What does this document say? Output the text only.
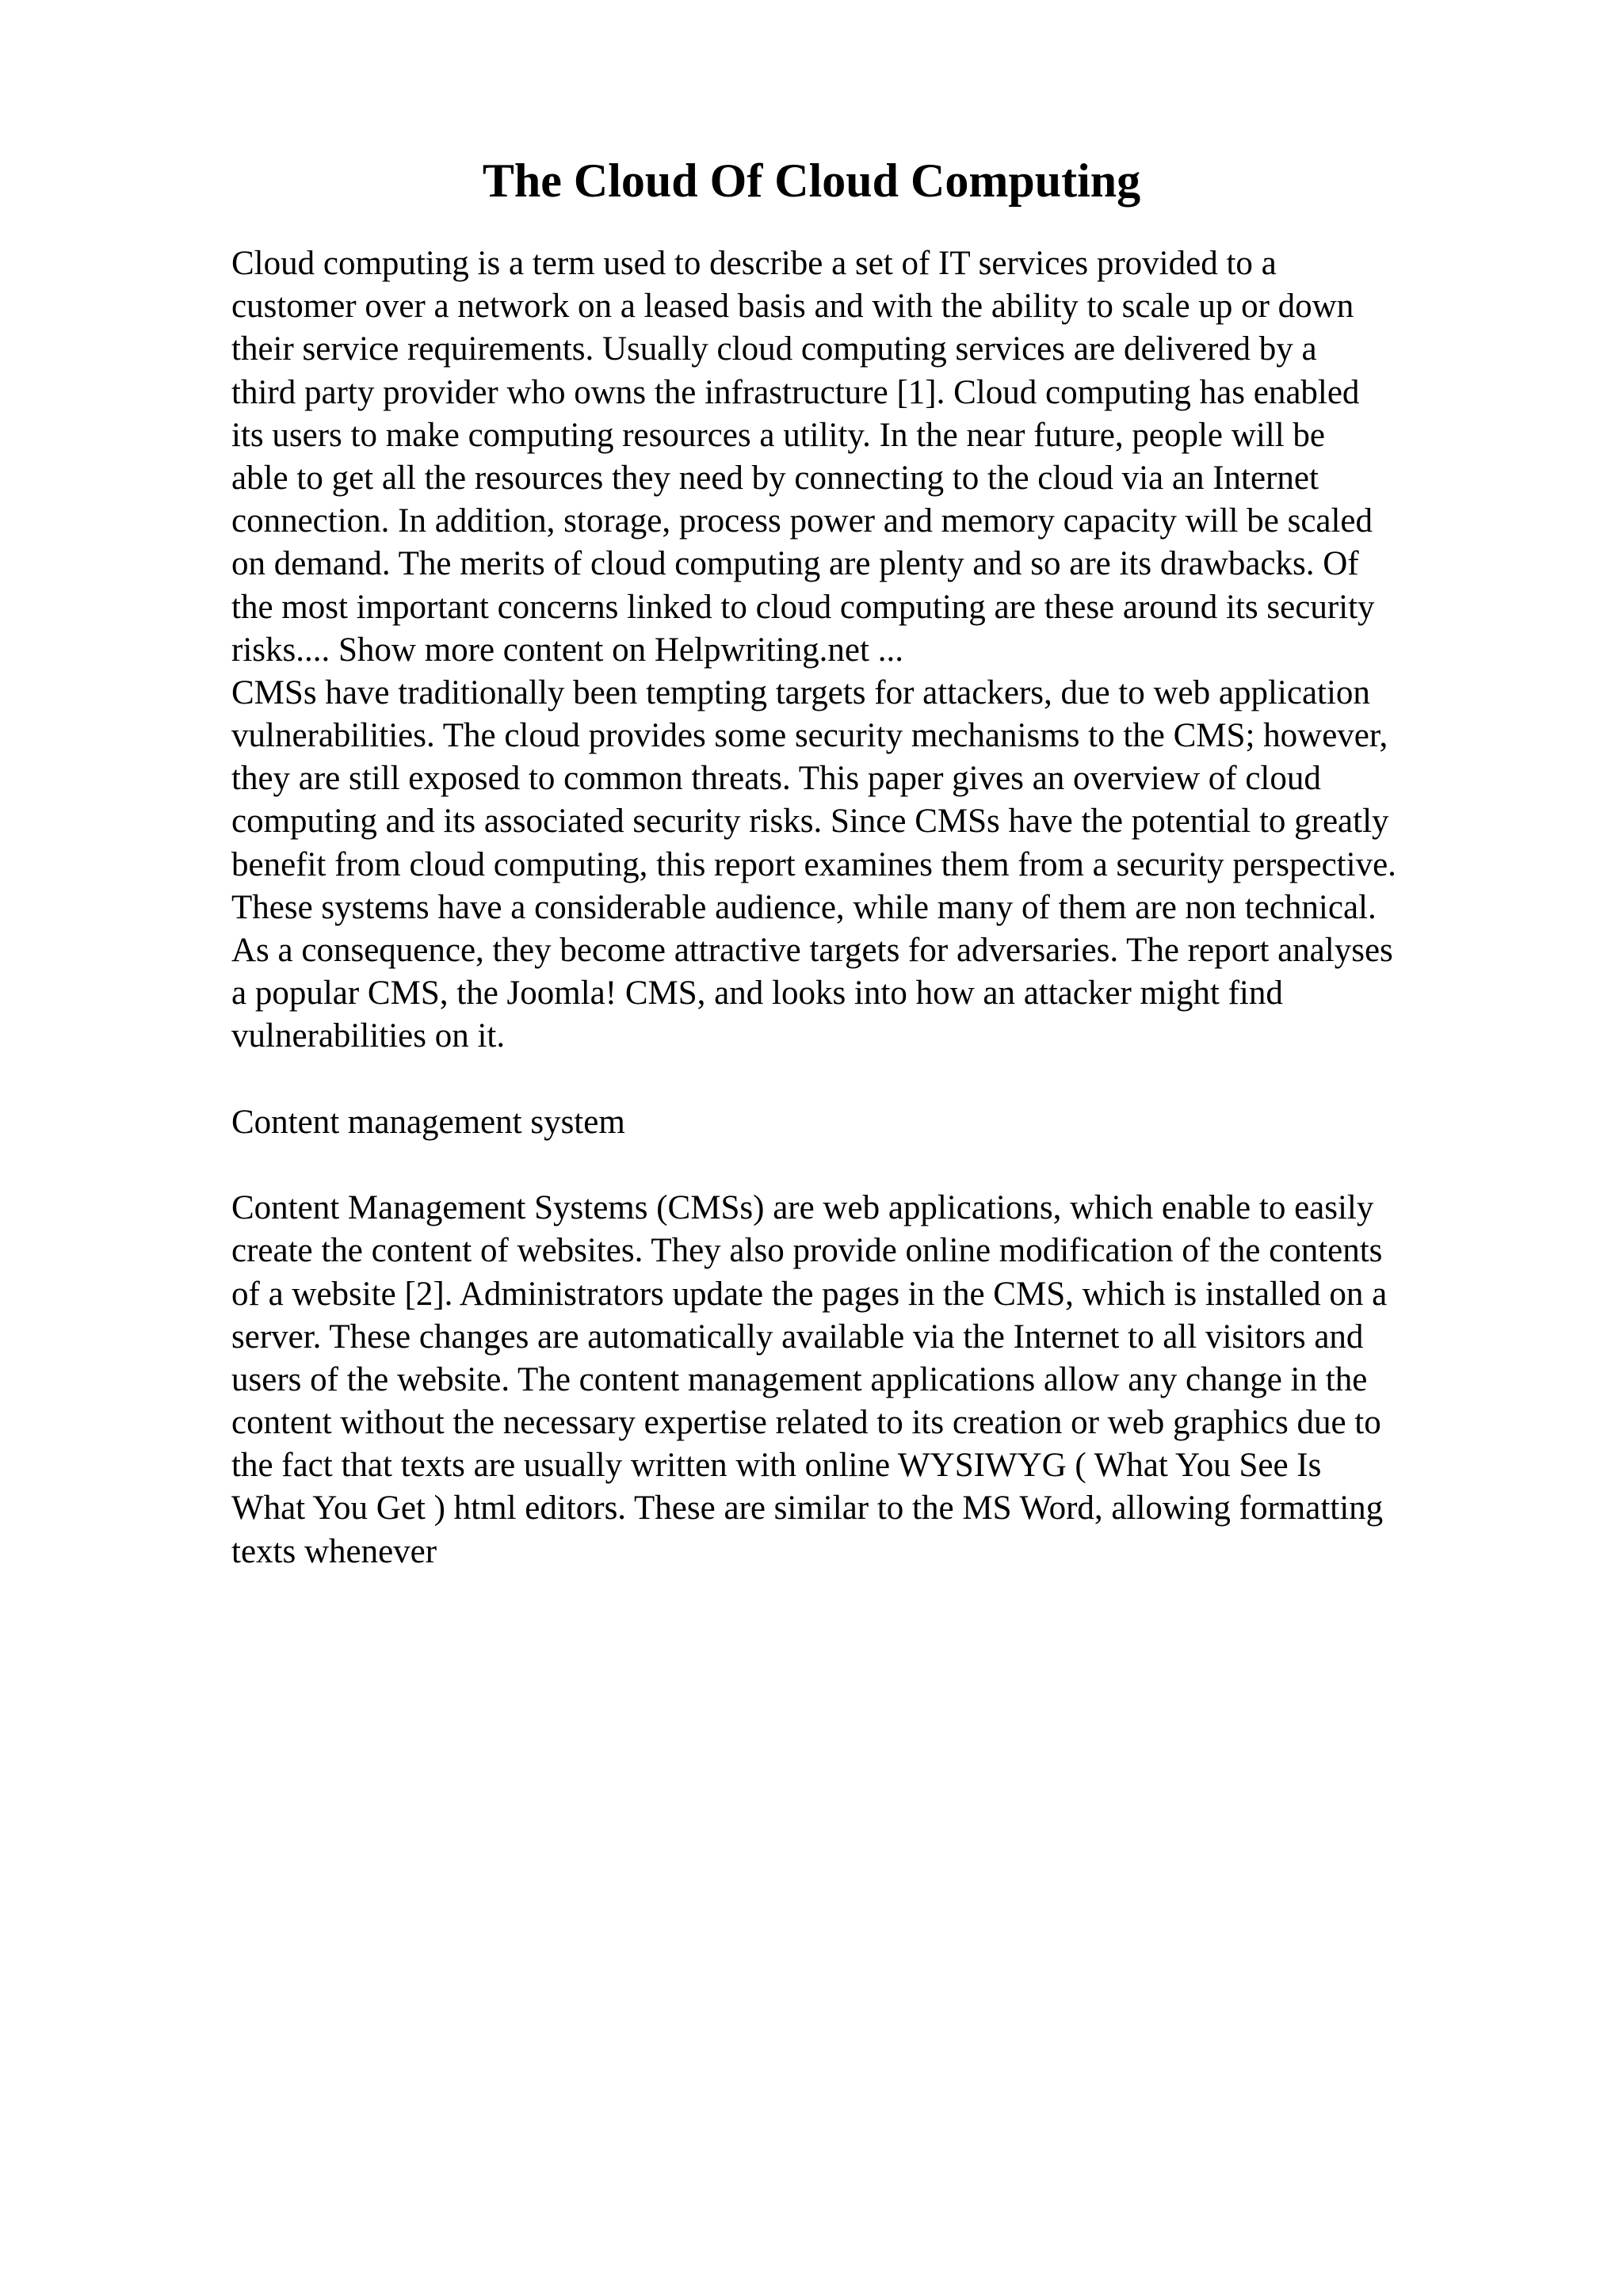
The Cloud Of Cloud Computing
Cloud computing is a term used to describe a set of IT services provided to a
customer over a network on a leased basis and with the ability to scale up or down
their service requirements. Usually cloud computing services are delivered by a
third party provider who owns the infrastructure [1]. Cloud computing has enabled
its users to make computing resources a utility. In the near future, people will be
able to get all the resources they need by connecting to the cloud via an Internet
connection. In addition, storage, process power and memory capacity will be scaled
on demand. The merits of cloud computing are plenty and so are its drawbacks. Of
the most important concerns linked to cloud computing are these around its security
risks.... Show more content on Helpwriting.net ...
CMSs have traditionally been tempting targets for attackers, due to web application
vulnerabilities. The cloud provides some security mechanisms to the CMS; however,
they are still exposed to common threats. This paper gives an overview of cloud
computing and its associated security risks. Since CMSs have the potential to greatly
benefit from cloud computing, this report examines them from a security perspective.
These systems have a considerable audience, while many of them are non technical.
As a consequence, they become attractive targets for adversaries. The report analyses
a popular CMS, the Joomla! CMS, and looks into how an attacker might find
vulnerabilities on it.
Content management system
Content Management Systems (CMSs) are web applications, which enable to easily
create the content of websites. They also provide online modification of the contents
of a website [2]. Administrators update the pages in the CMS, which is installed on a
server. These changes are automatically available via the Internet to all visitors and
users of the website. The content management applications allow any change in the
content without the necessary expertise related to its creation or web graphics due to
the fact that texts are usually written with online WYSIWYG ( What You See Is
What You Get ) html editors. These are similar to the MS Word, allowing formatting
texts whenever
